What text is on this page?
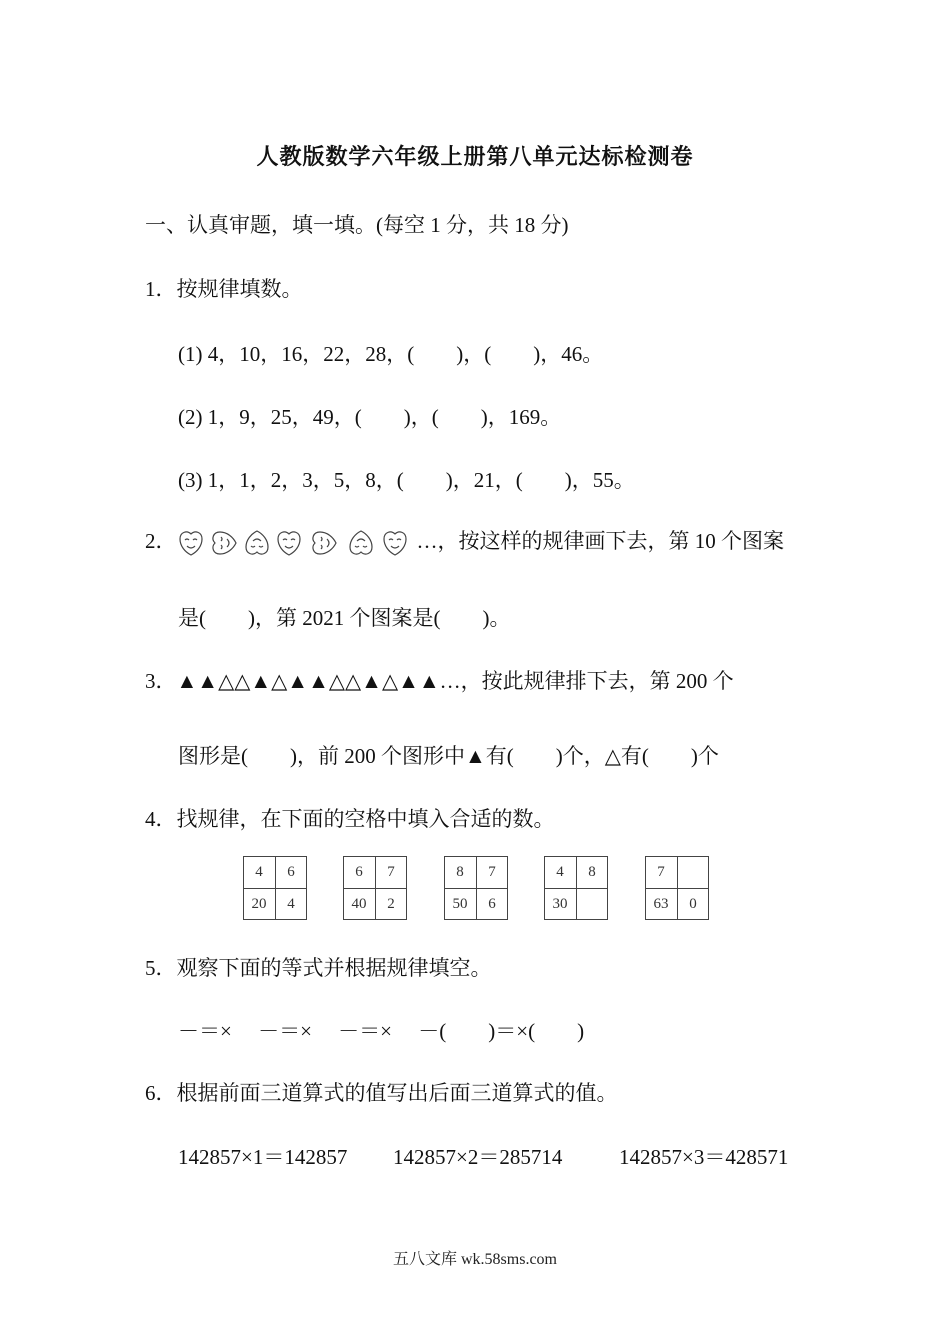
人教版数学六年级上册第八单元达标检测卷
一、认真审题，填一填。(每空 1 分，共 18 分)
1．按规律填数。
(1) 4，10，16，22，28，(　　)，(　　)，46。
(2) 1，9，25，49，(　　)，(　　)，169。
(3) 1，1，2，3，5，8，(　　)，21，(　　)，55。
2．	…，按这样的规律画下去，第 10 个图案
是(　　)，第 2021 个图案是(　　)。
3．▲▲△△▲△▲▲△△▲△▲▲…，按此规律排下去，第 200 个
图形是(　　)，前 200 个图形中▲有(　　)个，△有(　　)个
4．找规律，在下面的空格中填入合适的数。
4	6
20	4
6	7
40	2
8	7
50	6
4	8
30
7
63	0
5．观察下面的等式并根据规律填空。
－＝×　 －＝×　 －＝×　 －(　　)＝×(　　)
6．根据前面三道算式的值写出后面三道算式的值。
142857×1＝142857 142857×2＝285714	142857×3＝428571
五八文库 wk.58sms.com
